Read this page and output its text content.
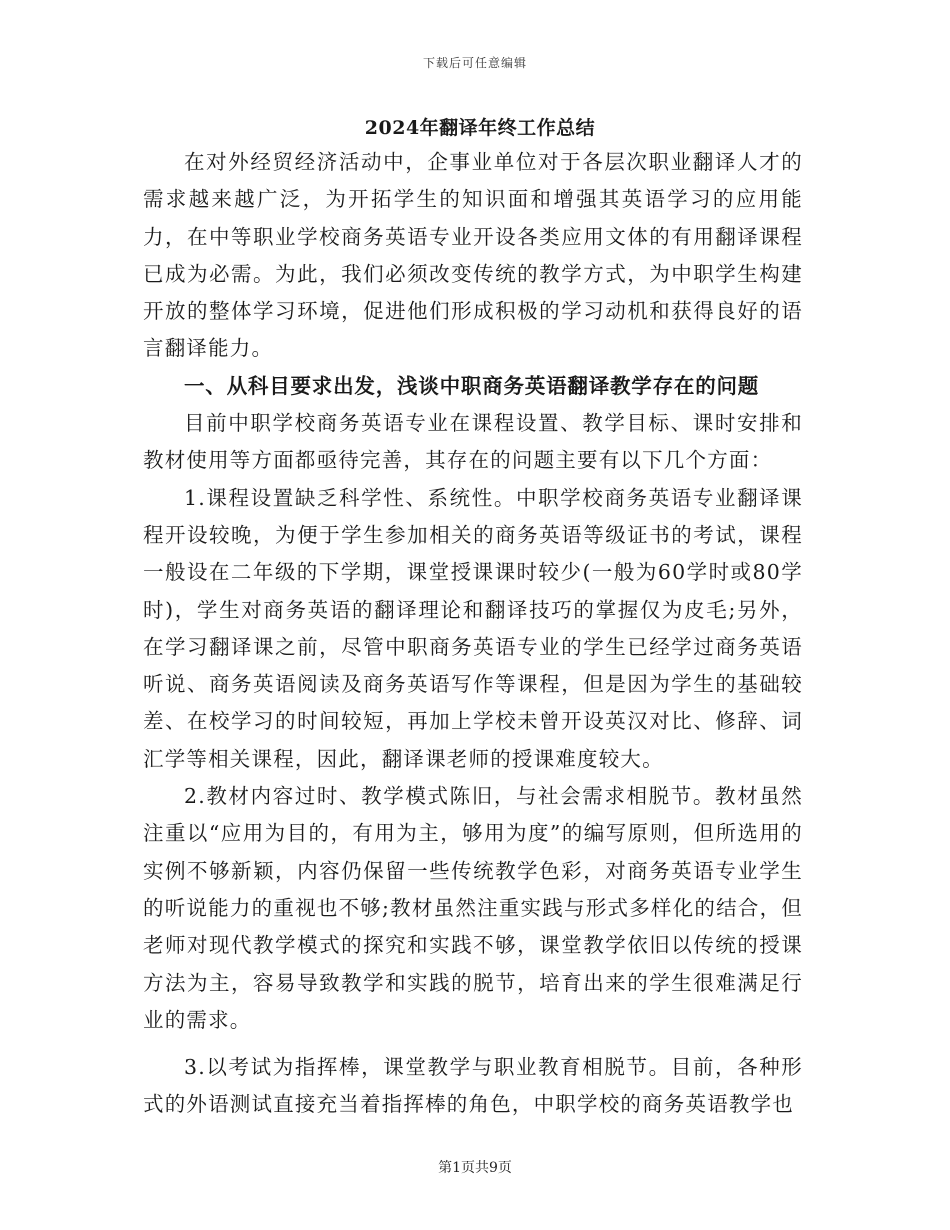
下载后可任意编辑
2024年翻译年终工作总结

在对外经贸经济活动中，企事业单位对于各层次职业翻译人才的需求越来越广泛，为开拓学生的知识面和增强其英语学习的应用能力，在中等职业学校商务英语专业开设各类应用文体的有用翻译课程已成为必需。为此，我们必须改变传统的教学方式，为中职学生构建开放的整体学习环境，促进他们形成积极的学习动机和获得良好的语言翻译能力。

一、从科目要求出发，浅谈中职商务英语翻译教学存在的问题

目前中职学校商务英语专业在课程设置、教学目标、课时安排和教材使用等方面都亟待完善，其存在的问题主要有以下几个方面：

1.课程设置缺乏科学性、系统性。中职学校商务英语专业翻译课程开设较晚，为便于学生参加相关的商务英语等级证书的考试，课程一般设在二年级的下学期，课堂授课课时较少(一般为60学时或80学时)，学生对商务英语的翻译理论和翻译技巧的掌握仅为皮毛;另外，在学习翻译课之前，尽管中职商务英语专业的学生已经学过商务英语听说、商务英语阅读及商务英语写作等课程，但是因为学生的基础较差、在校学习的时间较短，再加上学校未曾开设英汉对比、修辞、词汇学等相关课程，因此，翻译课老师的授课难度较大。

2.教材内容过时、教学模式陈旧，与社会需求相脱节。教材虽然注重以“应用为目的，有用为主，够用为度”的编写原则，但所选用的实例不够新颖，内容仍保留一些传统教学色彩，对商务英语专业学生的听说能力的重视也不够;教材虽然注重实践与形式多样化的结合，但老师对现代教学模式的探究和实践不够，课堂教学依旧以传统的授课方法为主，容易导致教学和实践的脱节，培育出来的学生很难满足行业的需求。

3.以考试为指挥棒，课堂教学与职业教育相脱节。目前，各种形式的外语测试直接充当着指挥棒的角色，中职学校的商务英语教学也

第1页共9页
